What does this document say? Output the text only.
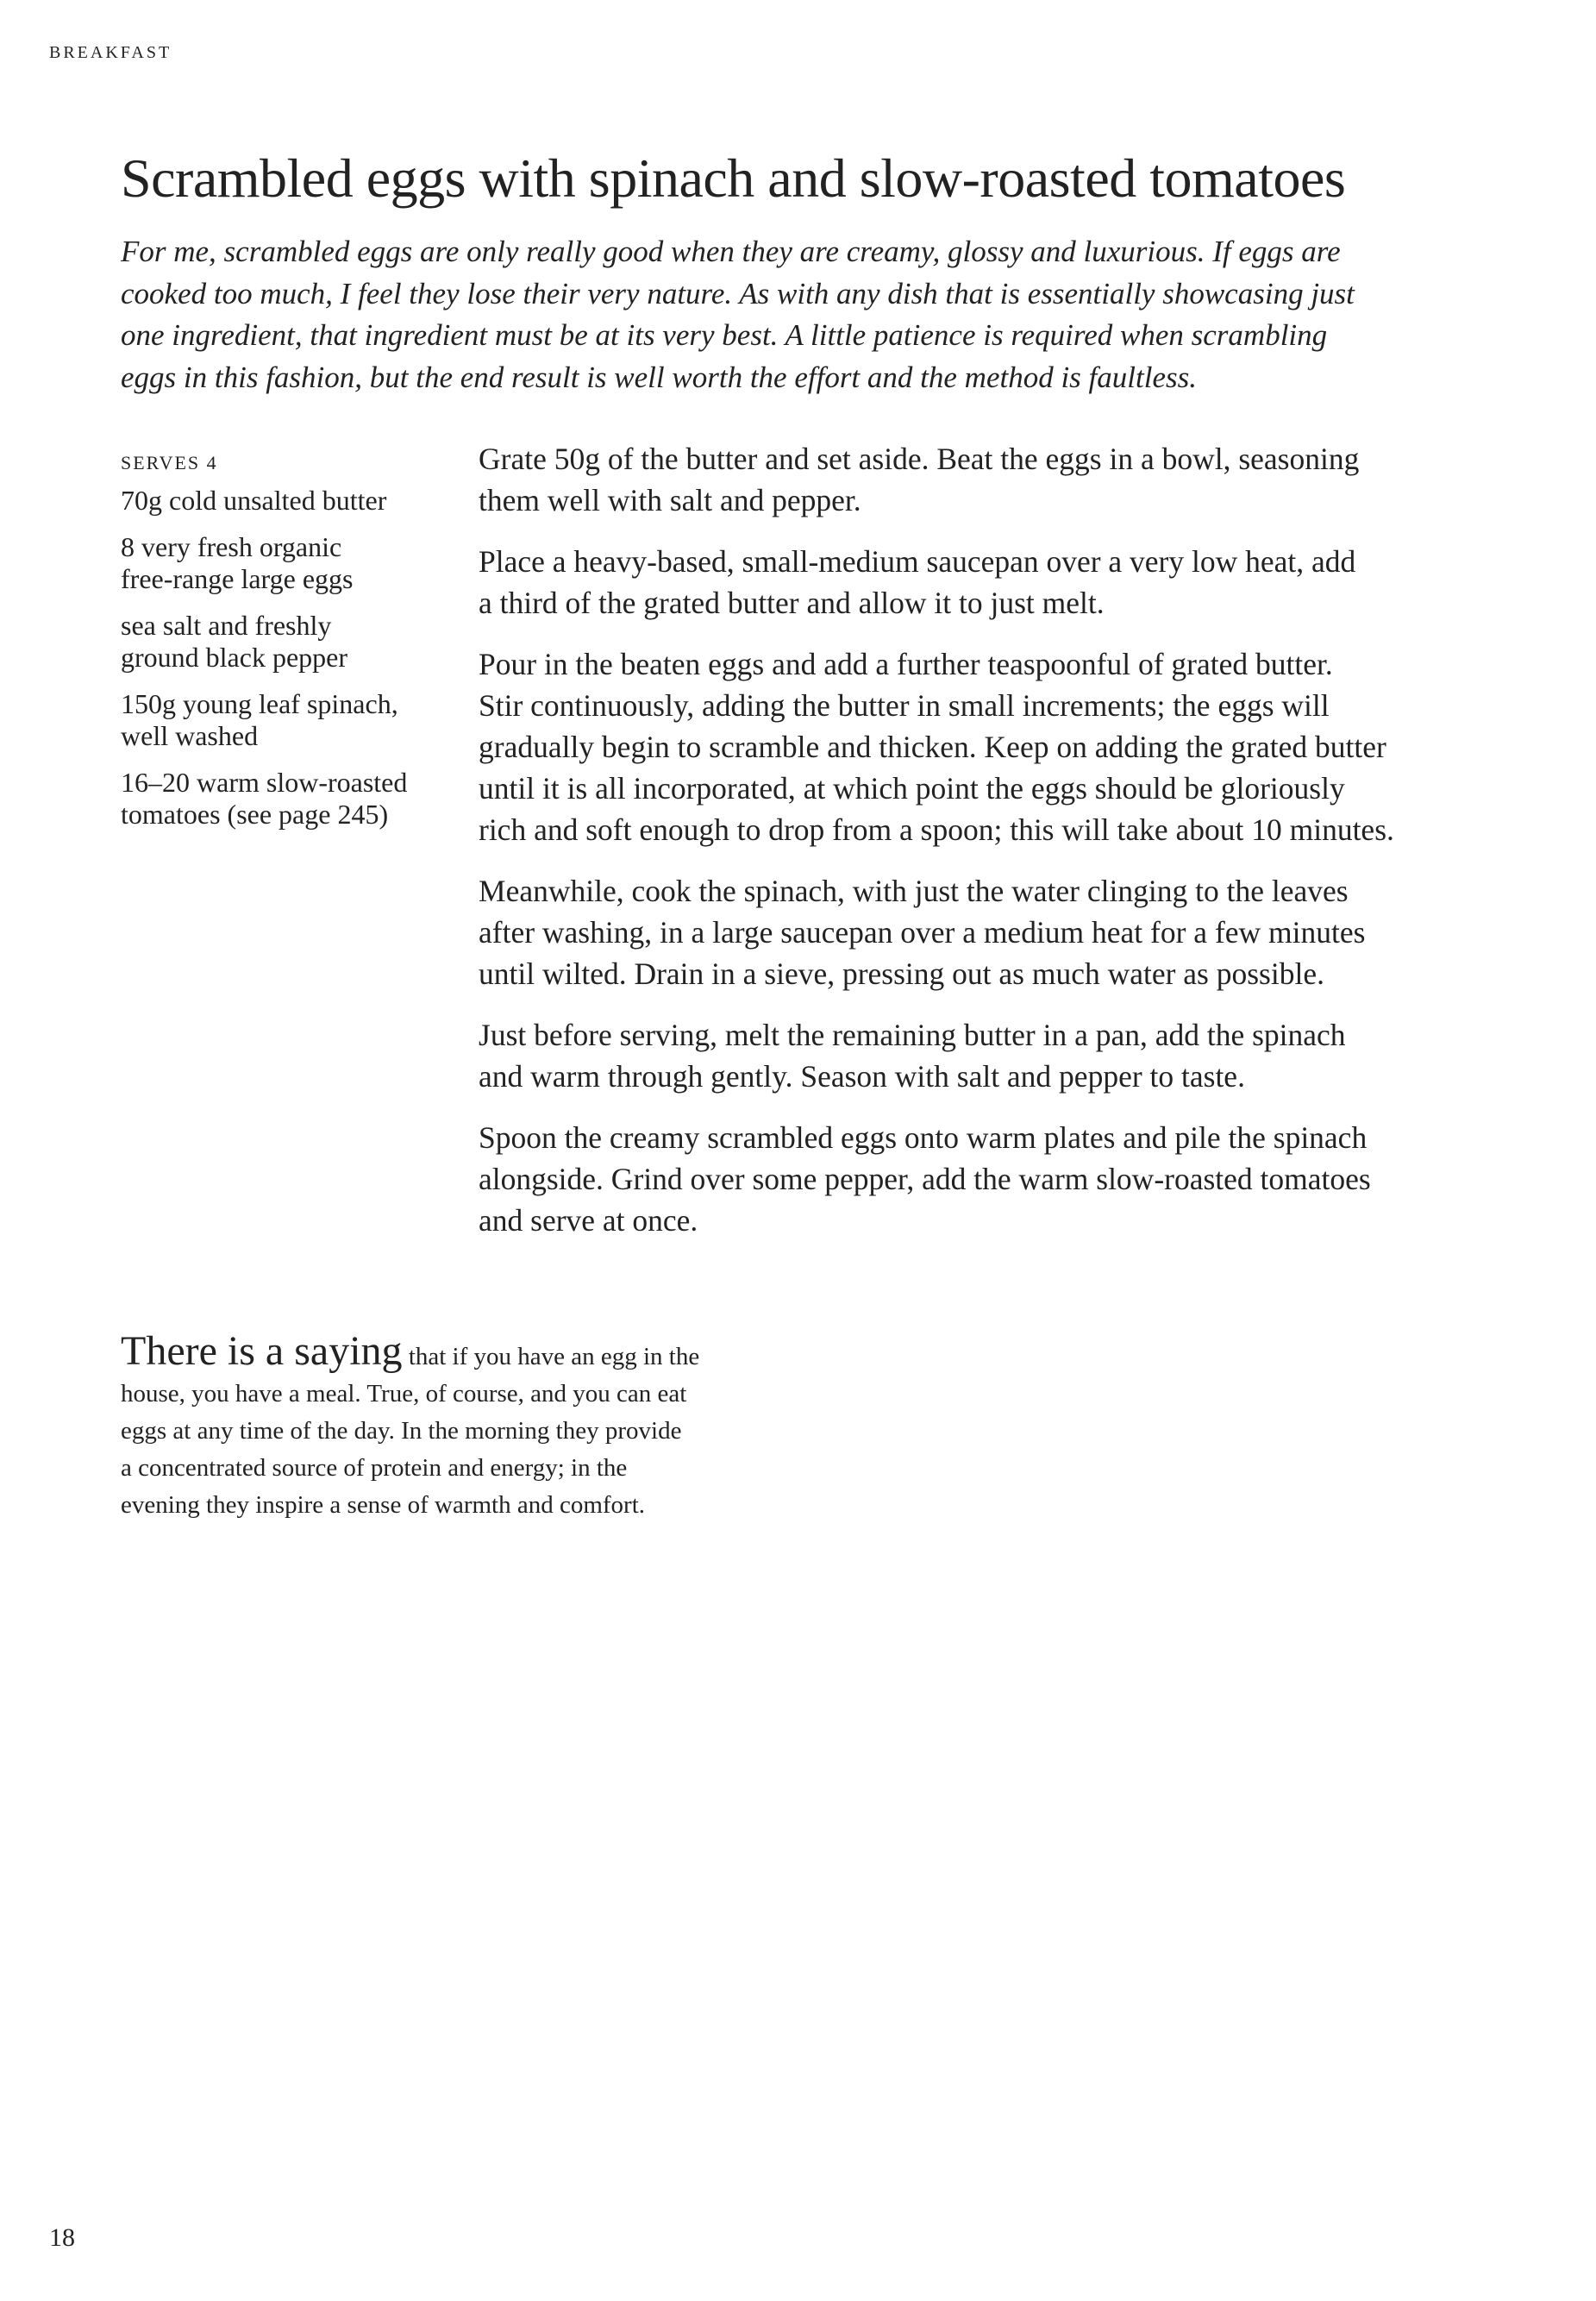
BREAKFAST
Scrambled eggs with spinach and slow-roasted tomatoes
For me, scrambled eggs are only really good when they are creamy, glossy and luxurious. If eggs are
cooked too much, I feel they lose their very nature. As with any dish that is essentially showcasing just
one ingredient, that ingredient must be at its very best. A little patience is required when scrambling
eggs in this fashion, but the end result is well worth the effort and the method is faultless.
SERVES 4
70g cold unsalted butter
8 very fresh organic
free-range large eggs
sea salt and freshly
ground black pepper
150g young leaf spinach,
well washed
16–20 warm slow-roasted
tomatoes (see page 245)

Grate 50g of the butter and set aside. Beat the eggs in a bowl, seasoning
them well with salt and pepper.

Place a heavy-based, small-medium saucepan over a very low heat, add
a third of the grated butter and allow it to just melt.

Pour in the beaten eggs and add a further teaspoonful of grated butter.
Stir continuously, adding the butter in small increments; the eggs will
gradually begin to scramble and thicken. Keep on adding the grated butter
until it is all incorporated, at which point the eggs should be gloriously
rich and soft enough to drop from a spoon; this will take about 10 minutes.

Meanwhile, cook the spinach, with just the water clinging to the leaves
after washing, in a large saucepan over a medium heat for a few minutes
until wilted. Drain in a sieve, pressing out as much water as possible.

Just before serving, melt the remaining butter in a pan, add the spinach
and warm through gently. Season with salt and pepper to taste.

Spoon the creamy scrambled eggs onto warm plates and pile the spinach
alongside. Grind over some pepper, add the warm slow-roasted tomatoes
and serve at once.

There is a saying that if you have an egg in the
house, you have a meal. True, of course, and you can eat
eggs at any time of the day. In the morning they provide
a concentrated source of protein and energy; in the
evening they inspire a sense of warmth and comfort.
18
